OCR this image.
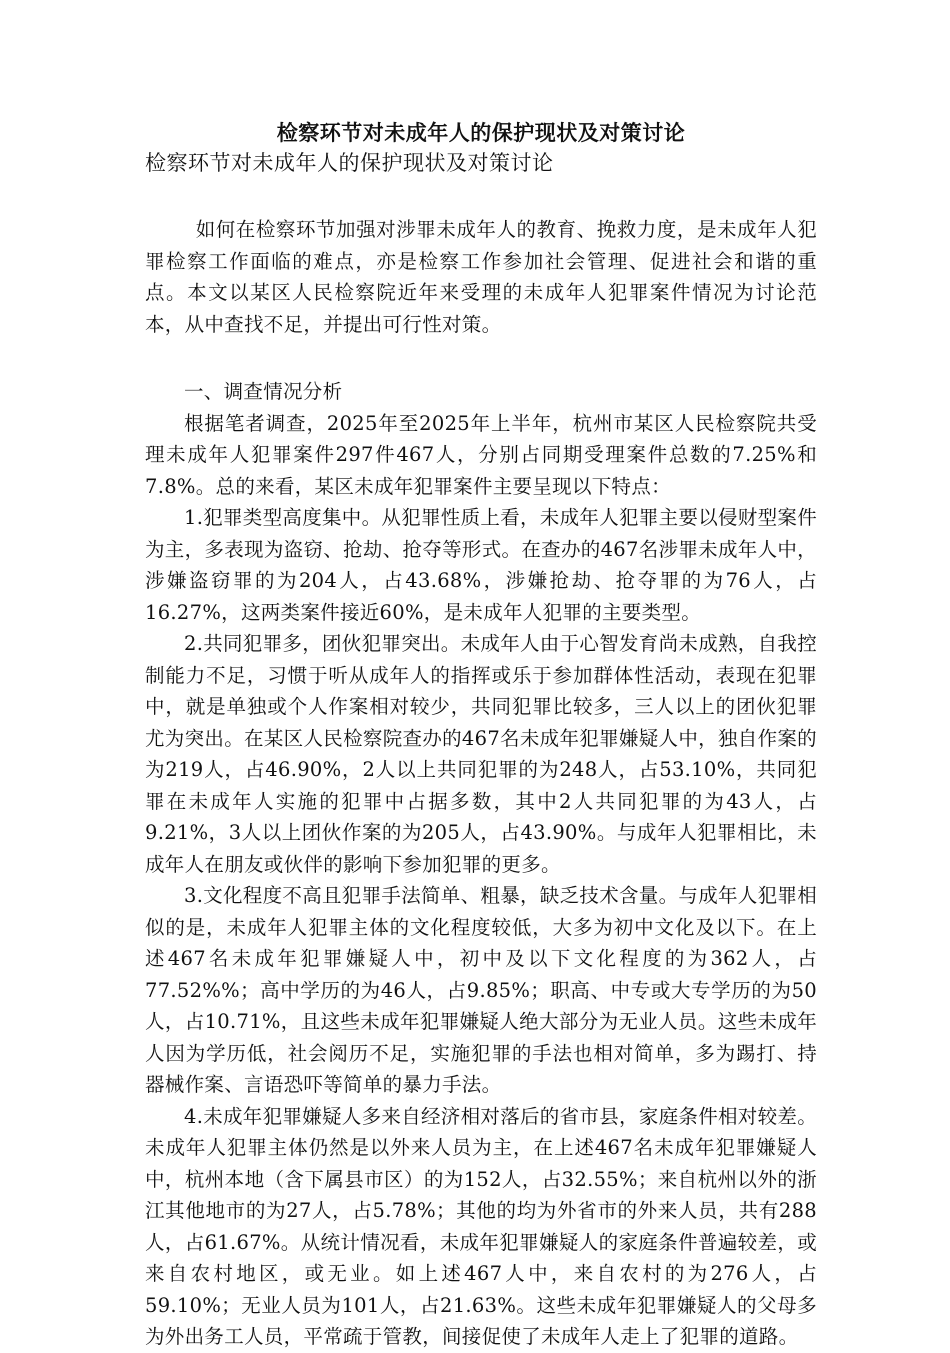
检察环节对未成年人的保护现状及对策讨论

检察环节对未成年人的保护现状及对策讨论

如何在检察环节加强对涉罪未成年人的教育、挽救力度，是未成年人犯罪检察工作面临的难点，亦是检察工作参加社会管理、促进社会和谐的重点。本文以某区人民检察院近年来受理的未成年人犯罪案件情况为讨论范本，从中查找不足，并提出可行性对策。

一、调查情况分析

根据笔者调查，2025年至2025年上半年，杭州市某区人民检察院共受理未成年人犯罪案件297件467人，分别占同期受理案件总数的7.25%和7.8%。总的来看，某区未成年犯罪案件主要呈现以下特点：

1.犯罪类型高度集中。从犯罪性质上看，未成年人犯罪主要以侵财型案件为主，多表现为盗窃、抢劫、抢夺等形式。在查办的467名涉罪未成年人中，涉嫌盗窃罪的为204人，占43.68%，涉嫌抢劫、抢夺罪的为76人，占16.27%，这两类案件接近60%，是未成年人犯罪的主要类型。

2.共同犯罪多，团伙犯罪突出。未成年人由于心智发育尚未成熟，自我控制能力不足，习惯于听从成年人的指挥或乐于参加群体性活动，表现在犯罪中，就是单独或个人作案相对较少，共同犯罪比较多，三人以上的团伙犯罪尤为突出。在某区人民检察院查办的467名未成年犯罪嫌疑人中，独自作案的为219人，占46.90%，2人以上共同犯罪的为248人，占53.10%，共同犯罪在未成年人实施的犯罪中占据多数，其中2人共同犯罪的为43人，占9.21%，3人以上团伙作案的为205人，占43.90%。与成年人犯罪相比，未成年人在朋友或伙伴的影响下参加犯罪的更多。

3.文化程度不高且犯罪手法简单、粗暴，缺乏技术含量。与成年人犯罪相似的是，未成年人犯罪主体的文化程度较低，大多为初中文化及以下。在上述467名未成年犯罪嫌疑人中，初中及以下文化程度的为362人，占77.52%%；高中学历的为46人，占9.85%；职高、中专或大专学历的为50人，占10.71%，且这些未成年犯罪嫌疑人绝大部分为无业人员。这些未成年人因为学历低，社会阅历不足，实施犯罪的手法也相对简单，多为踢打、持器械作案、言语恐吓等简单的暴力手法。

4.未成年犯罪嫌疑人多来自经济相对落后的省市县，家庭条件相对较差。未成年人犯罪主体仍然是以外来人员为主，在上述467名未成年犯罪嫌疑人中，杭州本地（含下属县市区）的为152人，占32.55%；来自杭州以外的浙江其他地市的为27人，占5.78%；其他的均为外省市的外来人员，共有288人，占61.67%。从统计情况看，未成年犯罪嫌疑人的家庭条件普遍较差，或来自农村地区，或无业。如上述467人中，来自农村的为276人，占59.10%；无业人员为101人，占21.63%。这些未成年犯罪嫌疑人的父母多为外出务工人员，平常疏于管教，间接促使了未成年人走上了犯罪的道路。
